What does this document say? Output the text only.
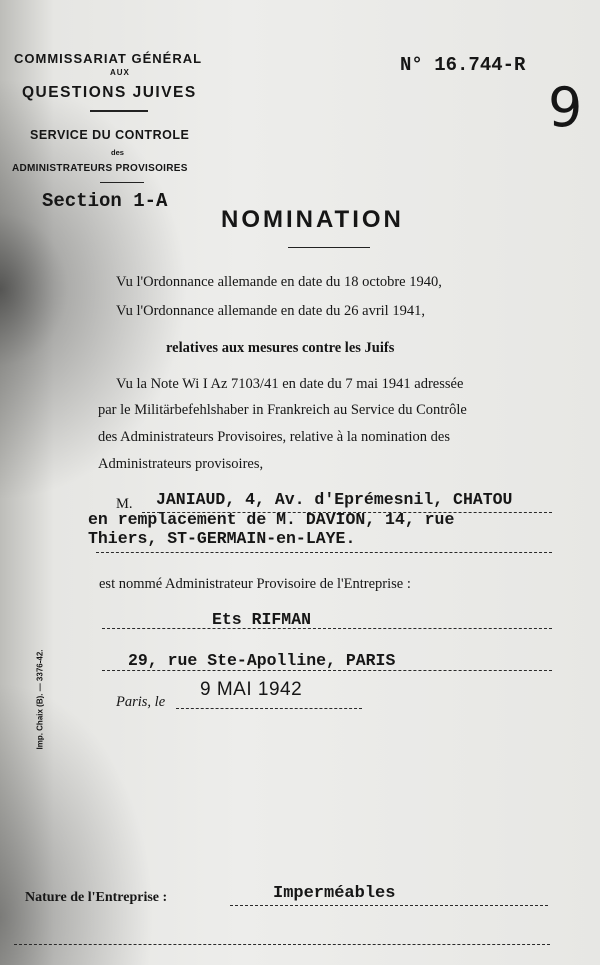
COMMISSARIAT GÉNÉRAL
AUX
QUESTIONS JUIVES
SERVICE DU CONTROLE
des
ADMINISTRATEURS PROVISOIRES
Section 1-A
N° 16.744-R
9
NOMINATION
Vu l'Ordonnance allemande en date du 18 octobre 1940,
Vu l'Ordonnance allemande en date du 26 avril 1941,
relatives aux mesures contre les Juifs
Vu la Note Wi I Az 7103/41 en date du 7 mai 1941 adressée
par le Militärbefehlshaber in Frankreich au Service du Contrôle
des Administrateurs Provisoires, relative à la nomination des
Administrateurs provisoires,
M. JANIAUD, 4, Av. d'Eprémesnil, CHATOU
en remplacement de M. DAVION, 14, rue
Thiers, ST-GERMAIN-en-LAYE.
est nommé Administrateur Provisoire de l'Entreprise :
Ets RIFMAN
29, rue Ste-Apolline, PARIS
Paris, le
9 MAI 1942
Imp. Chaix (B). — 3376-42.
Nature de l'Entreprise :	Imperméables
